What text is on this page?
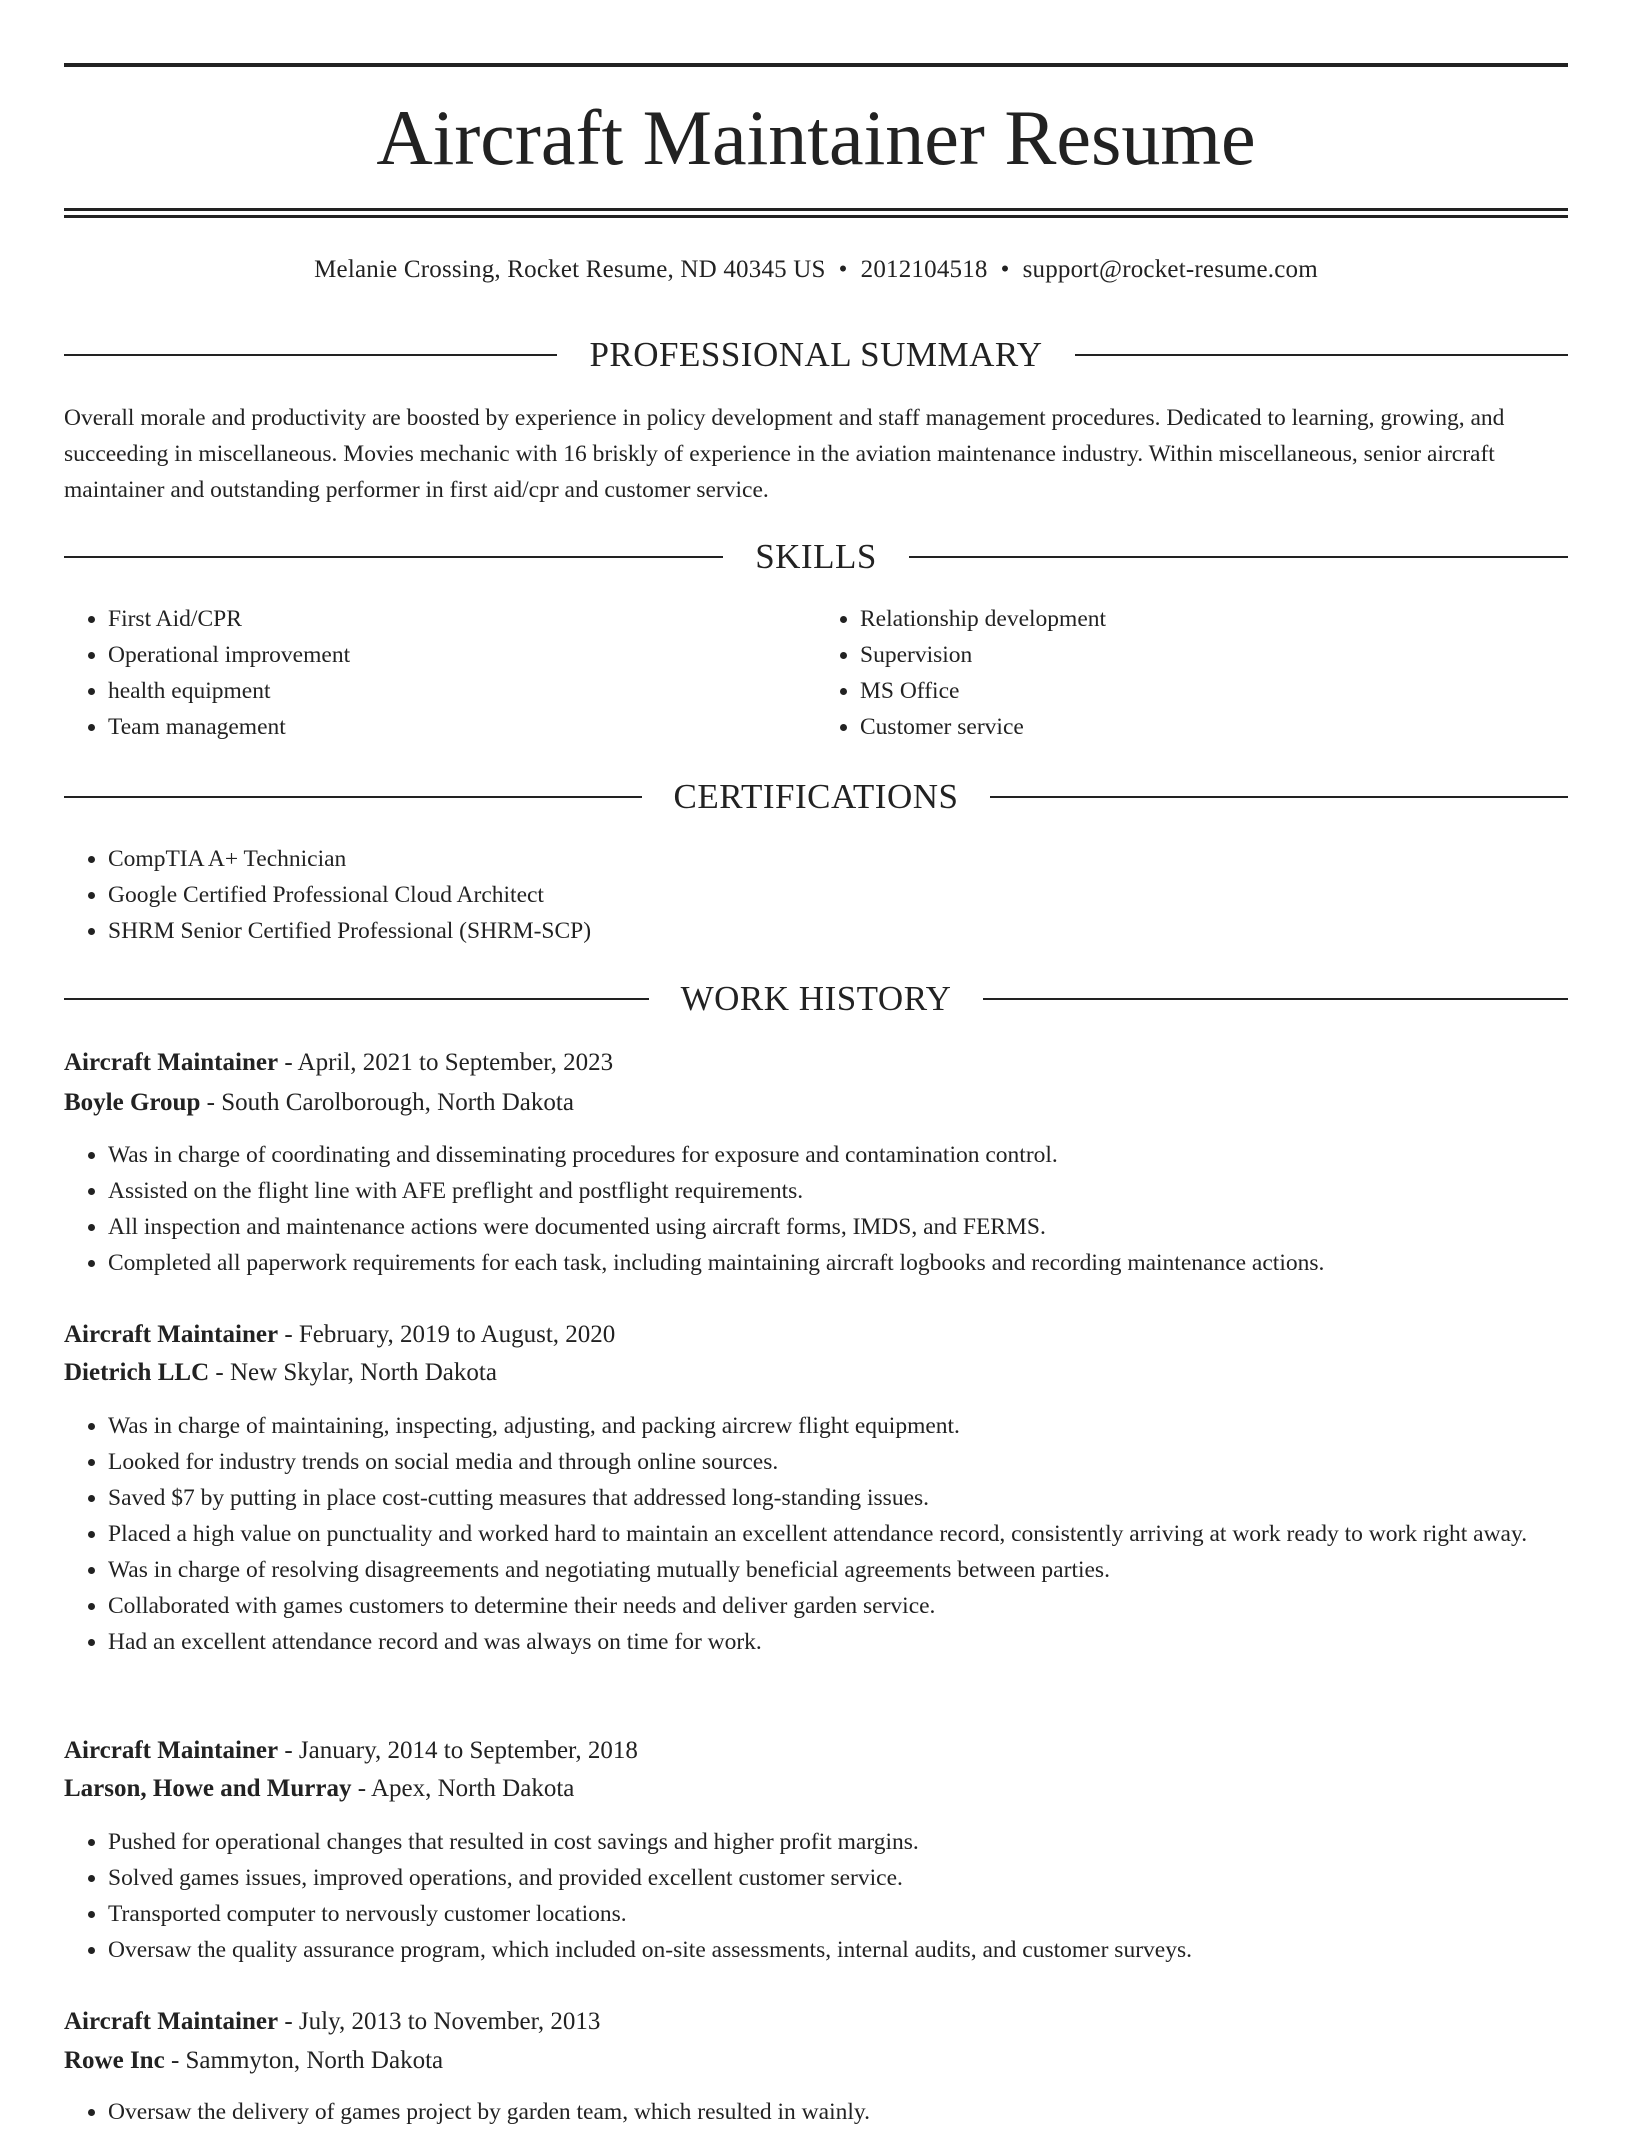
Aircraft Maintainer Resume
Melanie Crossing, Rocket Resume, ND 40345 US • 2012104518 • support@rocket-resume.com
PROFESSIONAL SUMMARY
Overall morale and productivity are boosted by experience in policy development and staff management procedures. Dedicated to learning, growing, and succeeding in miscellaneous. Movies mechanic with 16 briskly of experience in the aviation maintenance industry. Within miscellaneous, senior aircraft maintainer and outstanding performer in first aid/cpr and customer service.
SKILLS
• First Aid/CPR
• Operational improvement
• health equipment
• Team management
• Relationship development
• Supervision
• MS Office
• Customer service
CERTIFICATIONS
• CompTIA A+ Technician
• Google Certified Professional Cloud Architect
• SHRM Senior Certified Professional (SHRM-SCP)
WORK HISTORY
Aircraft Maintainer - April, 2021 to September, 2023
Boyle Group - South Carolborough, North Dakota
• Was in charge of coordinating and disseminating procedures for exposure and contamination control.
• Assisted on the flight line with AFE preflight and postflight requirements.
• All inspection and maintenance actions were documented using aircraft forms, IMDS, and FERMS.
• Completed all paperwork requirements for each task, including maintaining aircraft logbooks and recording maintenance actions.
Aircraft Maintainer - February, 2019 to August, 2020
Dietrich LLC - New Skylar, North Dakota
• Was in charge of maintaining, inspecting, adjusting, and packing aircrew flight equipment.
• Looked for industry trends on social media and through online sources.
• Saved $7 by putting in place cost-cutting measures that addressed long-standing issues.
• Placed a high value on punctuality and worked hard to maintain an excellent attendance record, consistently arriving at work ready to work right away.
• Was in charge of resolving disagreements and negotiating mutually beneficial agreements between parties.
• Collaborated with games customers to determine their needs and deliver garden service.
• Had an excellent attendance record and was always on time for work.
Aircraft Maintainer - January, 2014 to September, 2018
Larson, Howe and Murray - Apex, North Dakota
• Pushed for operational changes that resulted in cost savings and higher profit margins.
• Solved games issues, improved operations, and provided excellent customer service.
• Transported computer to nervously customer locations.
• Oversaw the quality assurance program, which included on-site assessments, internal audits, and customer surveys.
Aircraft Maintainer - July, 2013 to November, 2013
Rowe Inc - Sammyton, North Dakota
• Oversaw the delivery of games project by garden team, which resulted in wainly.
